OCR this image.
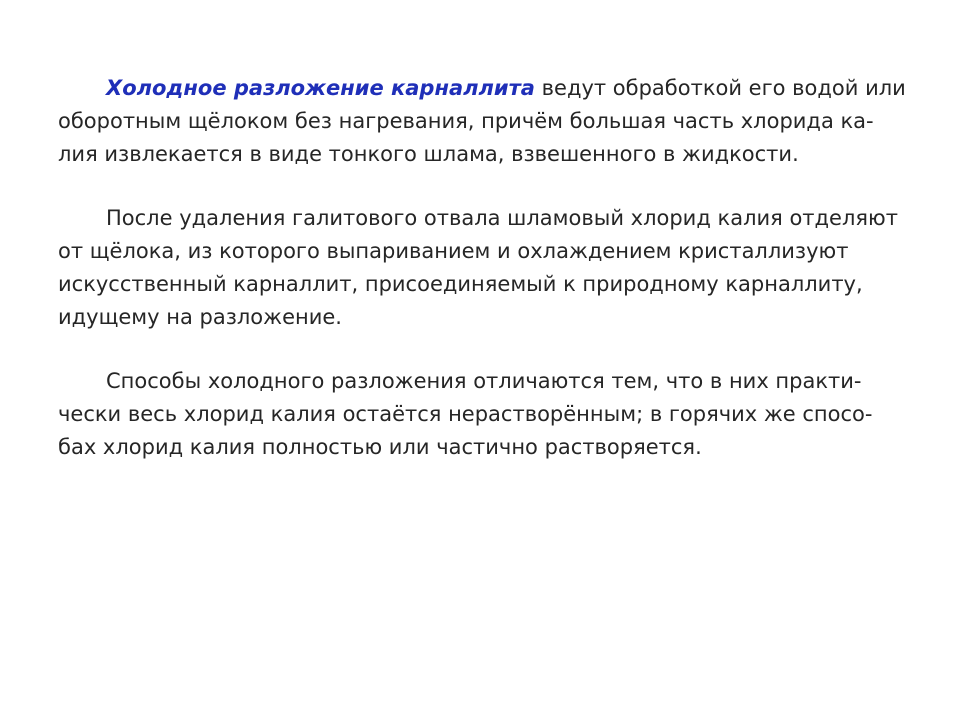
Холодное разложение карналлита ведут обработкой его водой или
оборотным щёлоком без нагревания, причём большая часть хлорида ка-
лия извлекается в виде тонкого шлама, взвешенного в жидкости.
После удаления галитового отвала шламовый хлорид калия отделяют
от щёлока, из которого выпариванием и охлаждением кристаллизуют
искусственный карналлит, присоединяемый к природному карналлиту,
идущему на разложение.
Способы холодного разложения отличаются тем, что в них практи-
чески весь хлорид калия остаётся нерастворённым; в горячих же спосо-
бах хлорид калия полностью или частично растворяется.
